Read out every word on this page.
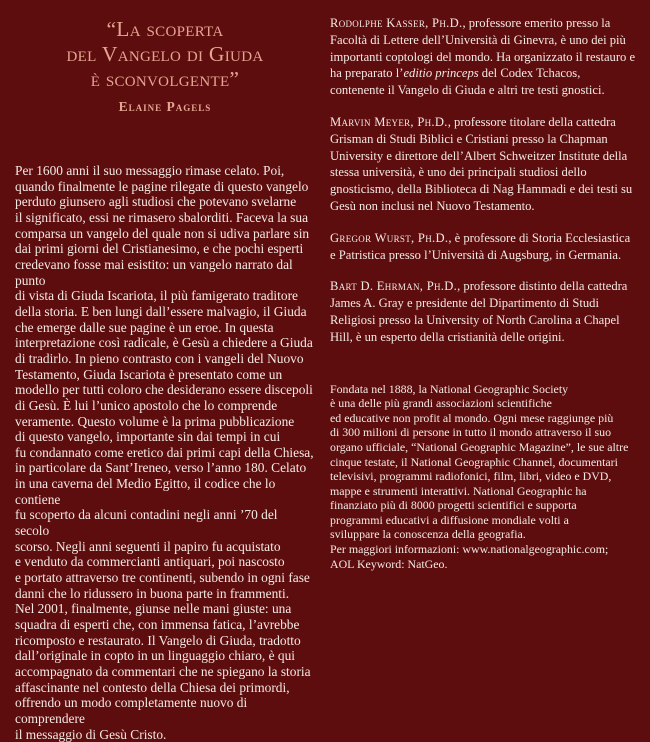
“La scoperta
del Vangelo di Giuda
è sconvolgente”
Elaine Pagels
Per 1600 anni il suo messaggio rimase celato. Poi,
quando finalmente le pagine rilegate di questo vangelo
perduto giunsero agli studiosi che potevano svelarne
il significato, essi ne rimasero sbalorditi. Faceva la sua
comparsa un vangelo del quale non si udiva parlare sin
dai primi giorni del Cristianesimo, e che pochi esperti
credevano fosse mai esistito: un vangelo narrato dal punto
di vista di Giuda Iscariota, il più famigerato traditore
della storia. E ben lungi dall’essere malvagio, il Giuda
che emerge dalle sue pagine è un eroe. In questa
interpretazione così radicale, è Gesù a chiedere a Giuda
di tradirlo. In pieno contrasto con i vangeli del Nuovo
Testamento, Giuda Iscariota è presentato come un
modello per tutti coloro che desiderano essere discepoli
di Gesù. È lui l’unico apostolo che lo comprende
veramente. Questo volume è la prima pubblicazione
di questo vangelo, importante sin dai tempi in cui
fu condannato come eretico dai primi capi della Chiesa,
in particolare da Sant’Ireneo, verso l’anno 180. Celato
in una caverna del Medio Egitto, il codice che lo contiene
fu scoperto da alcuni contadini negli anni ’70 del secolo
scorso. Negli anni seguenti il papiro fu acquistato
e venduto da commercianti antiquari, poi nascosto
e portato attraverso tre continenti, subendo in ogni fase
danni che lo ridussero in buona parte in frammenti.
Nel 2001, finalmente, giunse nelle mani giuste: una
squadra di esperti che, con immensa fatica, l’avrebbe
ricomposto e restaurato. Il Vangelo di Giuda, tradotto
dall’originale in copto in un linguaggio chiaro, è qui
accompagnato da commentari che ne spiegano la storia
affascinante nel contesto della Chiesa dei primordi,
offrendo un modo completamente nuovo di comprendere
il messaggio di Gesù Cristo.

Rodolphe Kasser, Ph.D., professore emerito presso la Facoltà di Lettere dell’Università di Ginevra, è uno dei più importanti coptologi del mondo. Ha organizzato il restauro e ha preparato l’editio princeps del Codex Tchacos, contenente il Vangelo di Giuda e altri tre testi gnostici.

Marvin Meyer, Ph.D., professore titolare della cattedra Grisman di Studi Biblici e Cristiani presso la Chapman University e direttore dell’Albert Schweitzer Institute della stessa università, è uno dei principali studiosi dello gnosticismo, della Biblioteca di Nag Hammadi e dei testi su Gesù non inclusi nel Nuovo Testamento.

Gregor Wurst, Ph.D., è professore di Storia Ecclesiastica e Patristica presso l’Università di Augsburg, in Germania.

Bart D. Ehrman, Ph.D., professore distinto della cattedra James A. Gray e presidente del Dipartimento di Studi Religiosi presso la University of North Carolina a Chapel Hill, è un esperto della cristianità delle origini.

Fondata nel 1888, la National Geographic Society
è una delle più grandi associazioni scientifiche
ed educative non profit al mondo. Ogni mese raggiunge più
di 300 milioni di persone in tutto il mondo attraverso il suo
organo ufficiale, “National Geographic Magazine”, le sue altre
cinque testate, il National Geographic Channel, documentari
televisivi, programmi radiofonici, film, libri, video e DVD,
mappe e strumenti interattivi. National Geographic ha
finanziato più di 8000 progetti scientifici e supporta
programmi educativi a diffusione mondiale volti a
sviluppare la conoscenza della geografia.
Per maggiori informazioni: www.nationalgeographic.com;
AOL Keyword: NatGeo.
